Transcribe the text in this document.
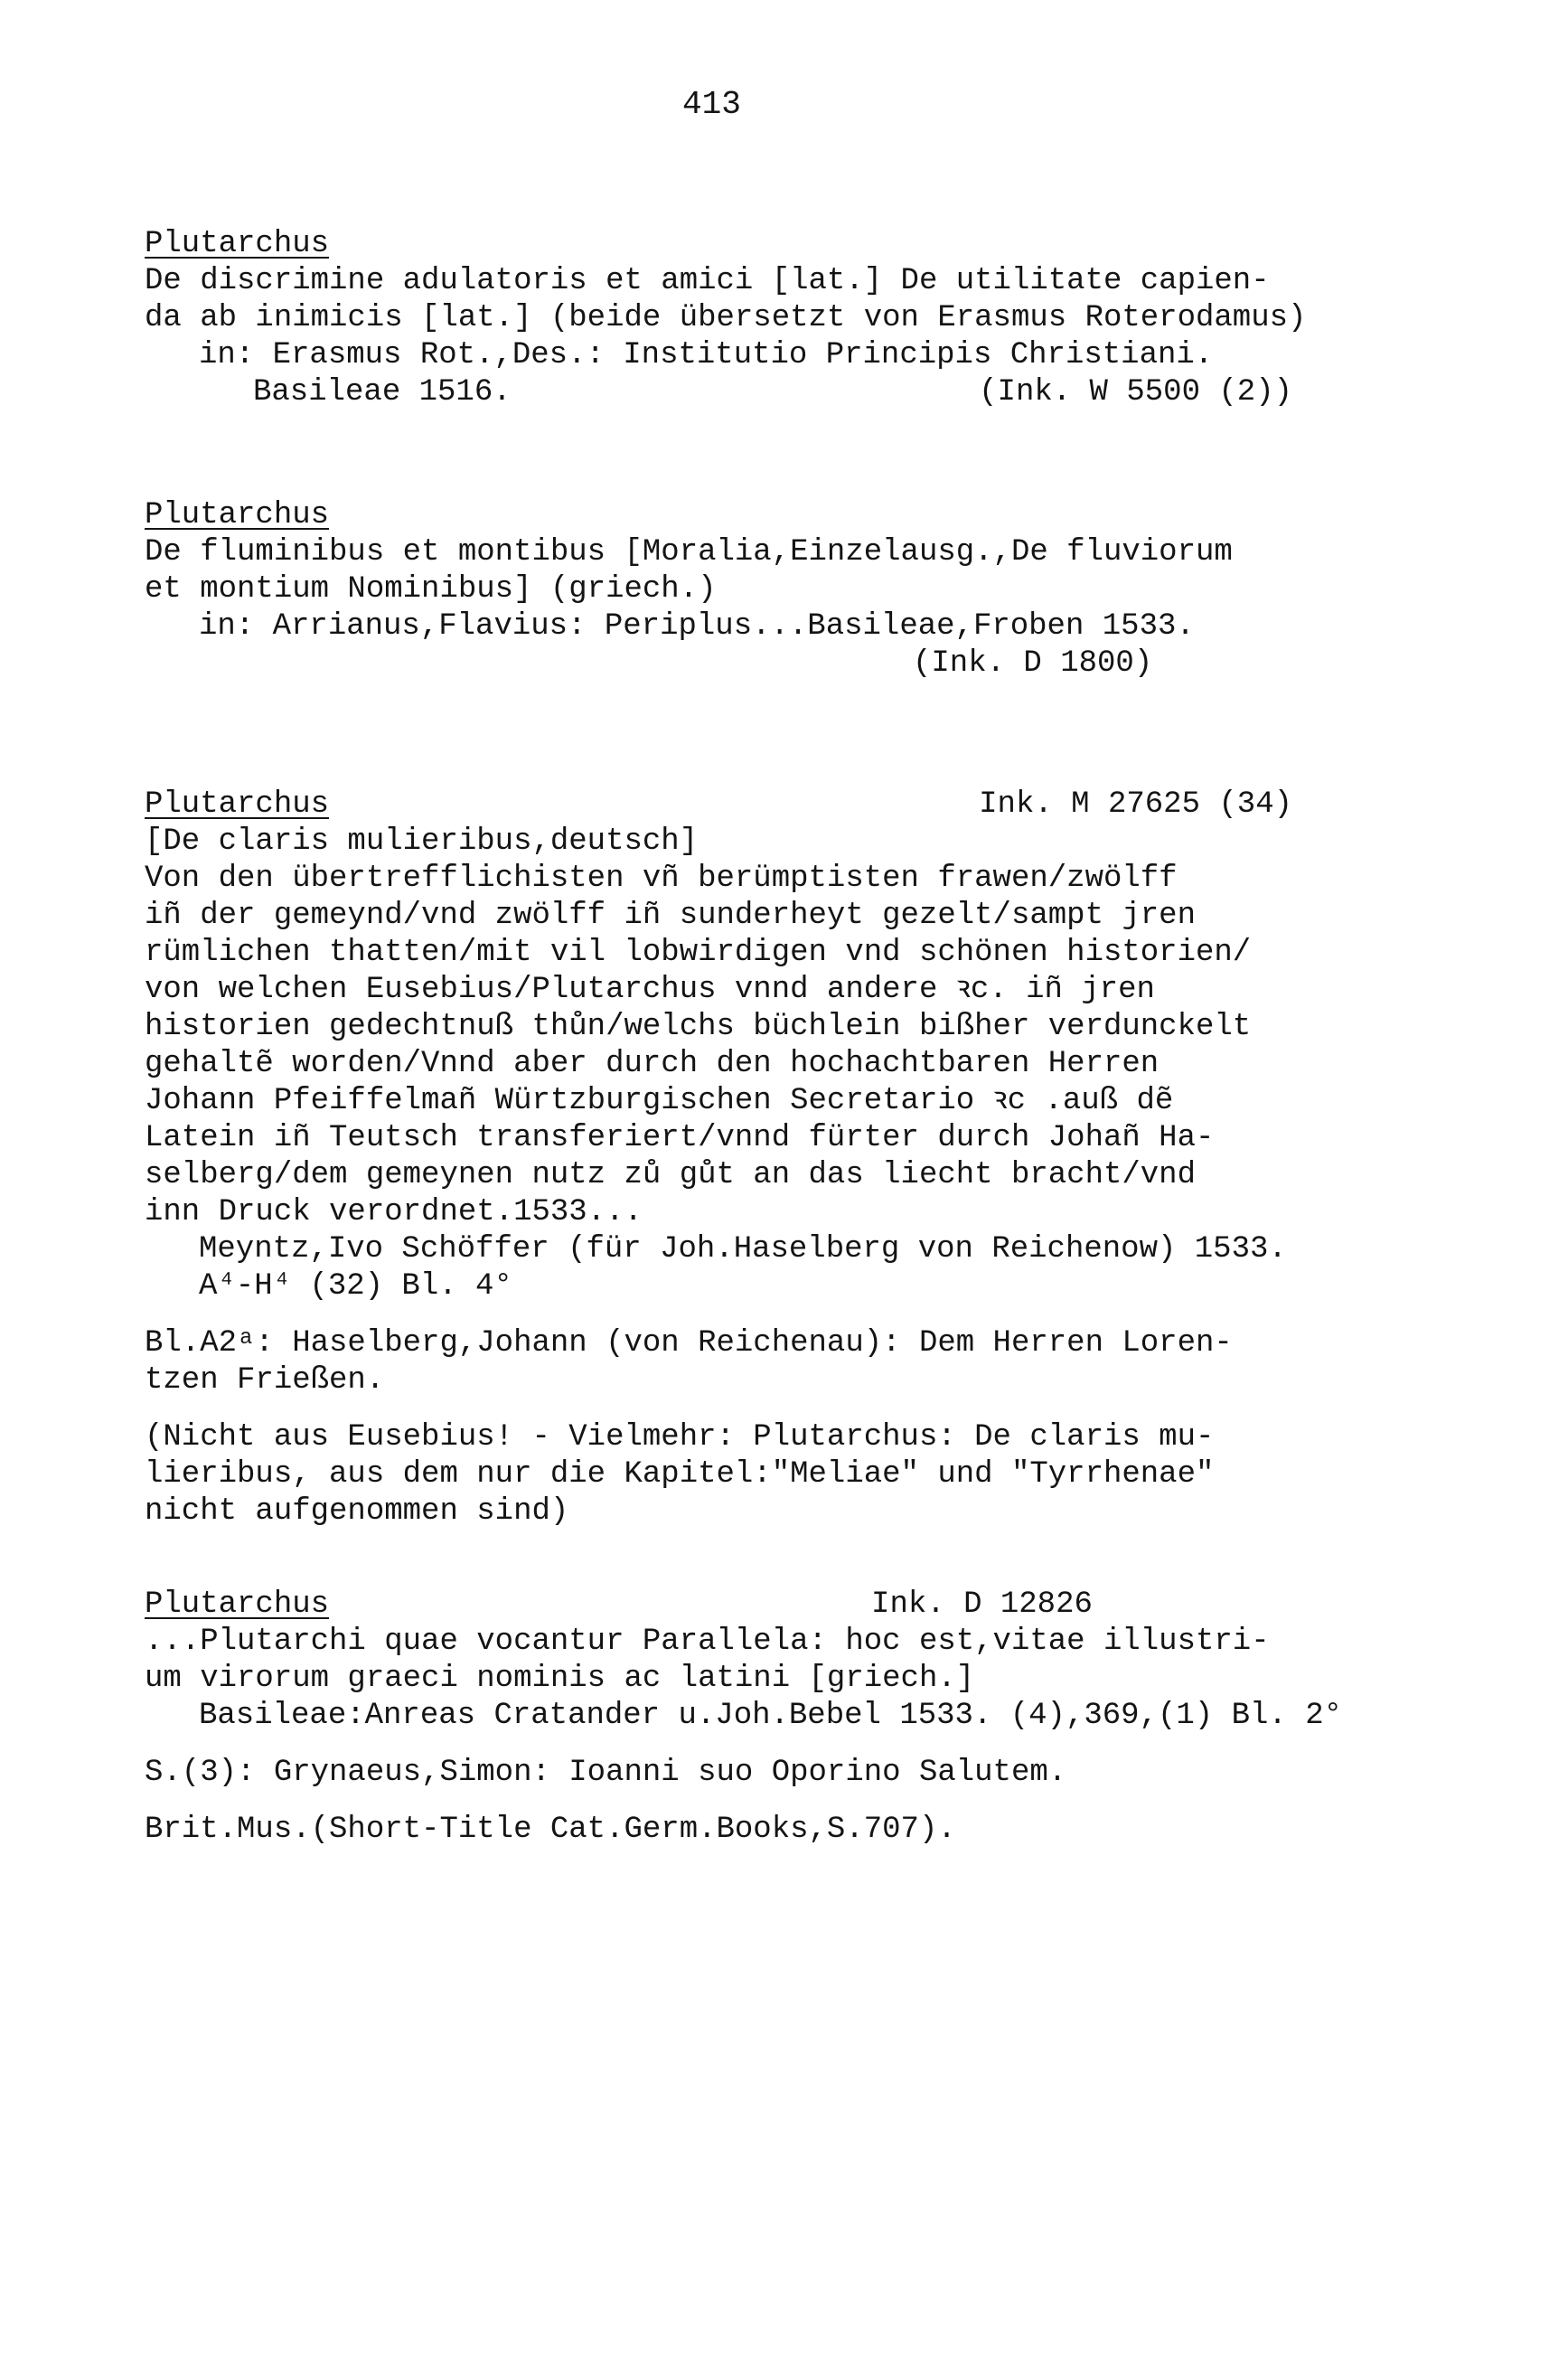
413
Plutarchus
De discrimine adulatoris et amici [lat.] De utilitate capien-
da ab inimicis [lat.] (beide übersetzt von Erasmus Roterodamus)
in: Erasmus Rot.,Des.: Institutio Principis Christiani.
Basileae 1516.	(Ink. W 5500 (2))
Plutarchus
De fluminibus et montibus [Moralia,Einzelausg.,De fluviorum
et montium Nominibus] (griech.)
in: Arrianus,Flavius: Periplus...Basileae,Froben 1533.
(Ink. D 1800)
Plutarchus	Ink. M 27625 (34)
[De claris mulieribus,deutsch]
Von den übertrefflichisten vñ berümptisten frawen/zwölff
iñ der gemeynd/vnd zwölff iñ sunderheyt gezelt/sampt jren
rümlichen thatten/mit vil lobwirdigen vnd schönen historien/
von welchen Eusebius/Plutarchus vnnd andere ꝛc. iñ jren
historien gedechtnuß thůn/welchs büchlein bißher verdunckelt
gehaltẽ worden/Vnnd aber durch den hochachtbaren Herren
Johann Pfeiffelmañ Würtzburgischen Secretario ꝛc .auß dẽ
Latein iñ Teutsch transferiert/vnnd fürter durch Johañ Ha-
selberg/dem gemeynen nutz zů gůt an das liecht bracht/vnd
inn Druck verordnet.1533...
Meyntz,Ivo Schöffer (für Joh.Haselberg von Reichenow) 1533.
A⁴-H⁴ (32) Bl. 4°
Bl.A2ᵃ: Haselberg,Johann (von Reichenau): Dem Herren Loren-
tzen Frießen.
(Nicht aus Eusebius! - Vielmehr: Plutarchus: De claris mu-
lieribus, aus dem nur die Kapitel:"Meliae" und "Tyrrhenae"
nicht aufgenommen sind)
Plutarchus	Ink. D 12826
...Plutarchi quae vocantur Parallela: hoc est,vitae illustri-
um virorum graeci nominis ac latini [griech.]
Basileae:Anreas Cratander u.Joh.Bebel 1533. (4),369,(1) Bl. 2°
S.(3): Grynaeus,Simon: Ioanni suo Oporino Salutem.
Brit.Mus.(Short-Title Cat.Germ.Books,S.707).
